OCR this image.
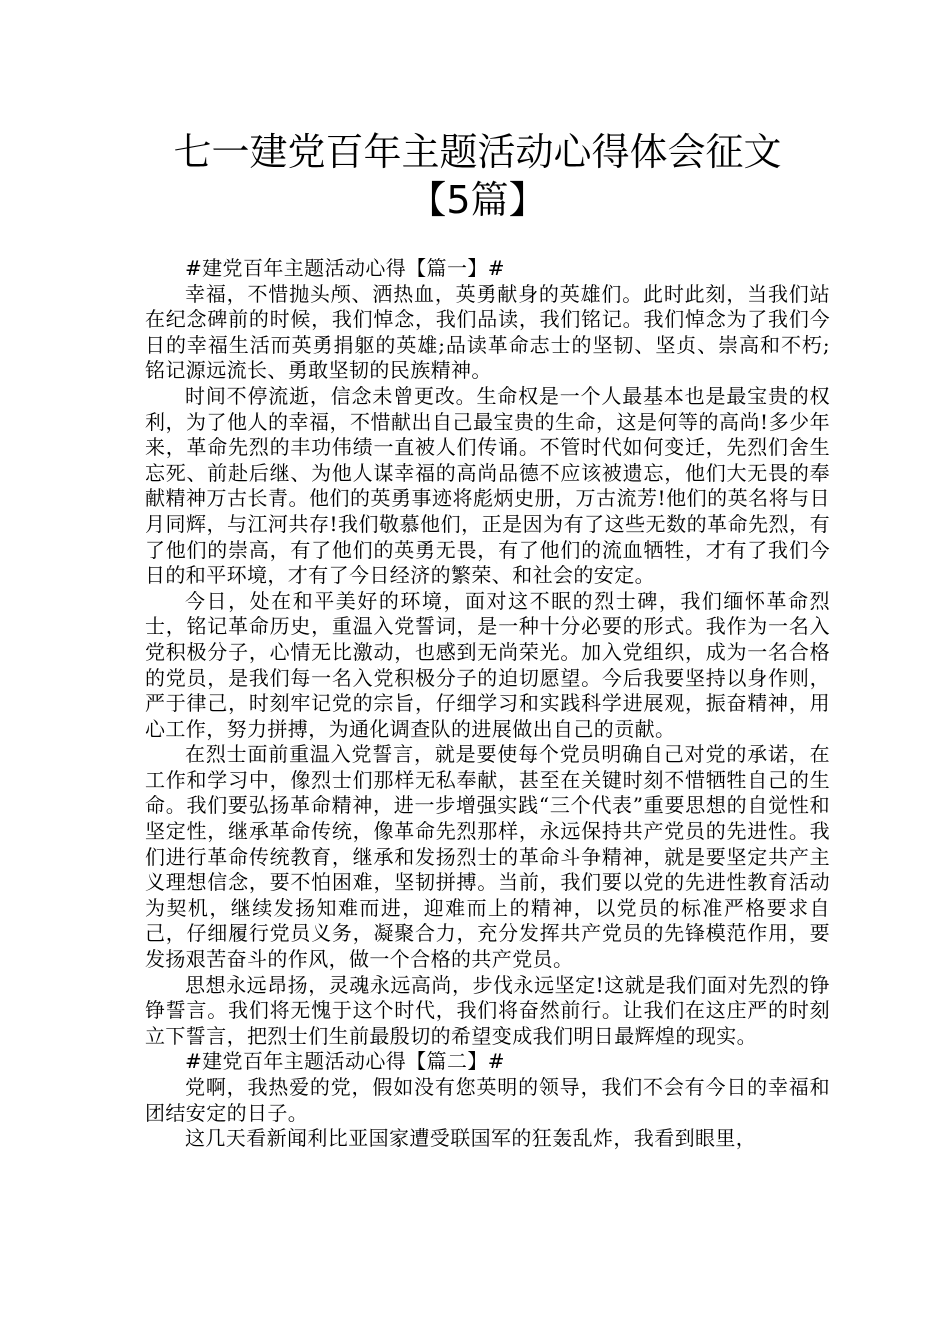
七一建党百年主题活动心得体会征文
【5篇】

#建党百年主题活动心得【篇一】#

幸福，不惜抛头颅、洒热血，英勇献身的英雄们。此时此刻，当我们站在纪念碑前的时候，我们悼念，我们品读，我们铭记。我们悼念为了我们今日的幸福生活而英勇捐躯的英雄;品读革命志士的坚韧、坚贞、崇高和不朽;铭记源远流长、勇敢坚韧的民族精神。

时间不停流逝，信念未曾更改。生命权是一个人最基本也是最宝贵的权利，为了他人的幸福，不惜献出自己最宝贵的生命，这是何等的高尚!多少年来，革命先烈的丰功伟绩一直被人们传诵。不管时代如何变迁，先烈们舍生忘死、前赴后继、为他人谋幸福的高尚品德不应该被遗忘，他们大无畏的奉献精神万古长青。他们的英勇事迹将彪炳史册，万古流芳!他们的英名将与日月同辉，与江河共存!我们敬慕他们，正是因为有了这些无数的革命先烈，有了他们的崇高，有了他们的英勇无畏，有了他们的流血牺牲，才有了我们今日的和平环境，才有了今日经济的繁荣、和社会的安定。

今日，处在和平美好的环境，面对这不眠的烈士碑，我们缅怀革命烈士，铭记革命历史，重温入党誓词，是一种十分必要的形式。我作为一名入党积极分子，心情无比激动，也感到无尚荣光。加入党组织，成为一名合格的党员，是我们每一名入党积极分子的迫切愿望。今后我要坚持以身作则，严于律己，时刻牢记党的宗旨，仔细学习和实践科学进展观，振奋精神，用心工作，努力拼搏，为通化调查队的进展做出自己的贡献。

在烈士面前重温入党誓言，就是要使每个党员明确自己对党的承诺，在工作和学习中，像烈士们那样无私奉献，甚至在关键时刻不惜牺牲自己的生命。我们要弘扬革命精神，进一步增强实践“三个代表”重要思想的自觉性和坚定性，继承革命传统，像革命先烈那样，永远保持共产党员的先进性。我们进行革命传统教育，继承和发扬烈士的革命斗争精神，就是要坚定共产主义理想信念，要不怕困难，坚韧拼搏。当前，我们要以党的先进性教育活动为契机，继续发扬知难而进，迎难而上的精神，以党员的标准严格要求自己，仔细履行党员义务，凝聚合力，充分发挥共产党员的先锋模范作用，要发扬艰苦奋斗的作风，做一个合格的共产党员。

思想永远昂扬，灵魂永远高尚，步伐永远坚定!这就是我们面对先烈的铮铮誓言。我们将无愧于这个时代，我们将奋然前行。让我们在这庄严的时刻立下誓言，把烈士们生前最殷切的希望变成我们明日最辉煌的现实。

#建党百年主题活动心得【篇二】#

党啊，我热爱的党，假如没有您英明的领导，我们不会有今日的幸福和团结安定的日子。

这几天看新闻利比亚国家遭受联国军的狂轰乱炸，我看到眼里，
